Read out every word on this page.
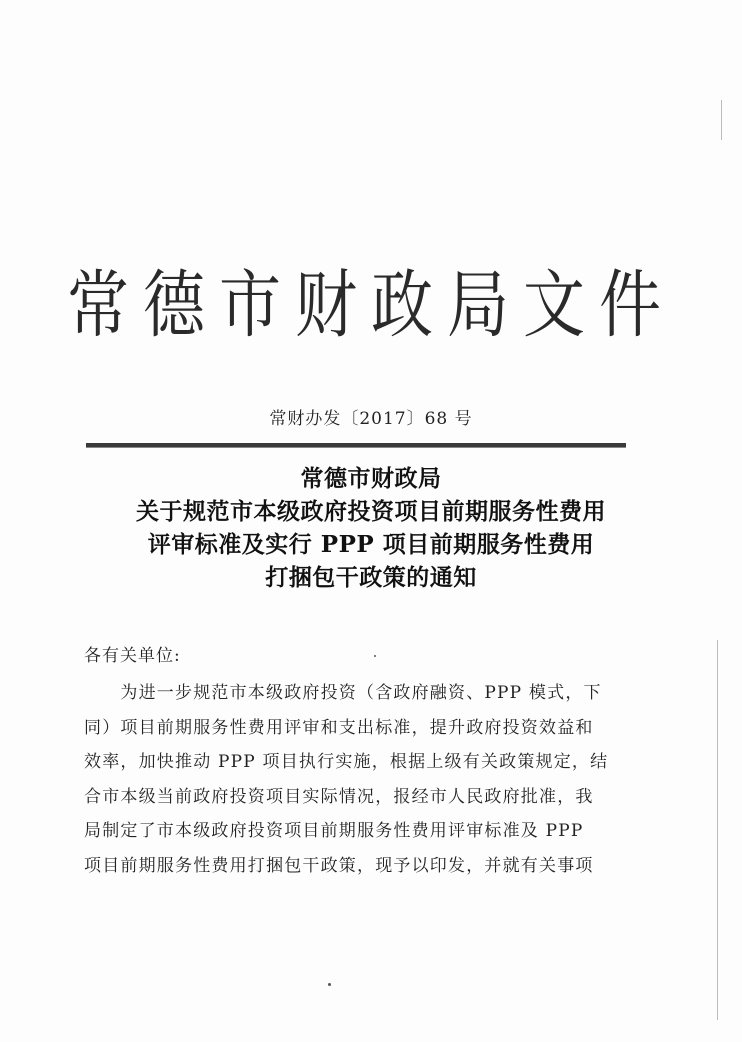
常德市财政局文件
常财办发〔2017〕68 号
常德市财政局
关于规范市本级政府投资项目前期服务性费用
评审标准及实行 PPP 项目前期服务性费用
打捆包干政策的通知
各有关单位:
　　为进一步规范市本级政府投资（含政府融资、PPP 模式，下
同）项目前期服务性费用评审和支出标准，提升政府投资效益和
效率，加快推动 PPP 项目执行实施，根据上级有关政策规定，结
合市本级当前政府投资项目实际情况，报经市人民政府批准，我
局制定了市本级政府投资项目前期服务性费用评审标准及 PPP
项目前期服务性费用打捆包干政策，现予以印发，并就有关事项
